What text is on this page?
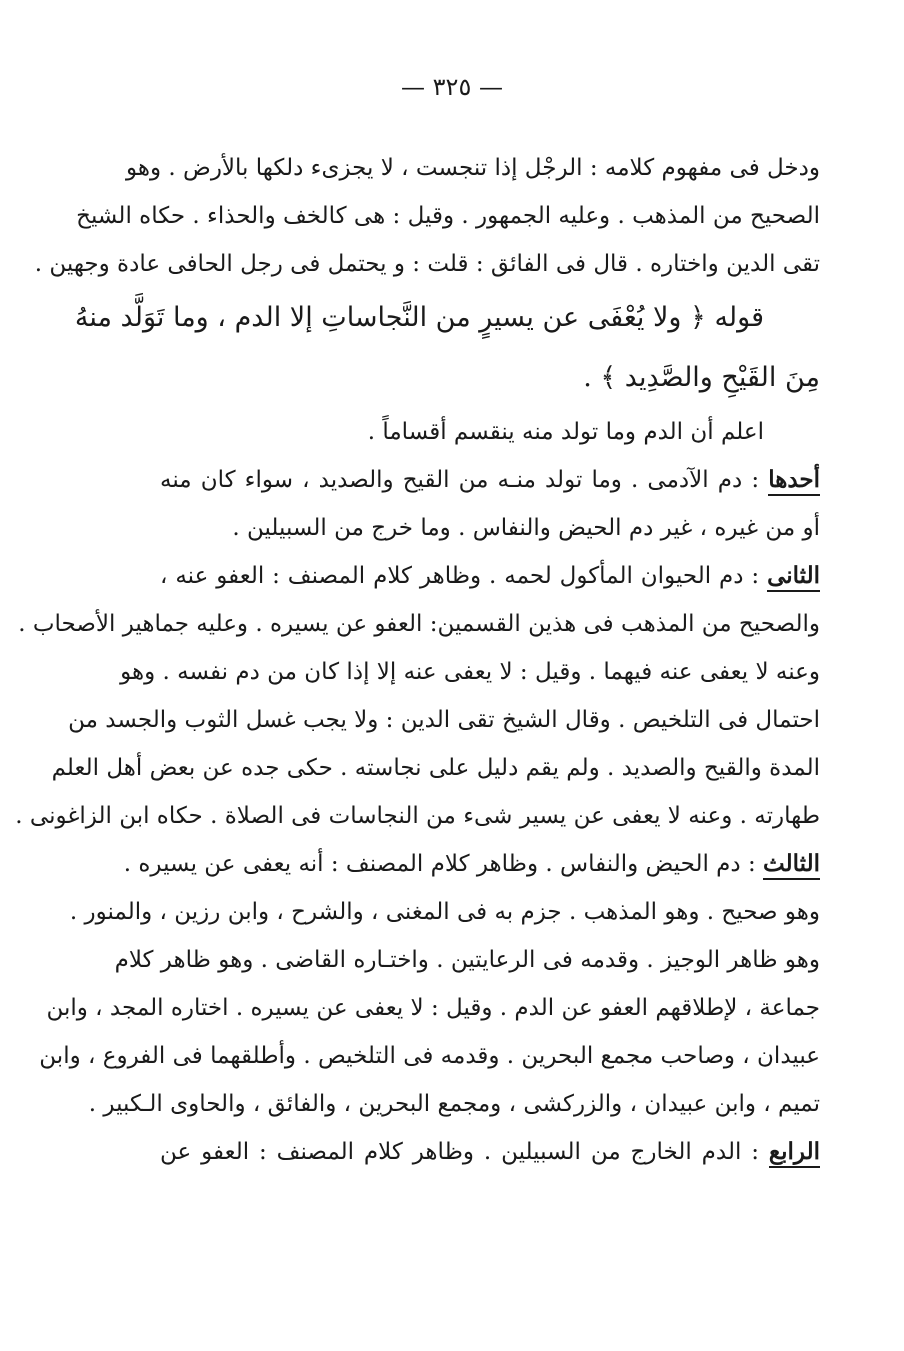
— ٣٢٥ —
ودخل فى مفهوم كلامه : الرجْل إذا تنجست ، لا يجزىء دلكها بالأرض . وهو
الصحيح من المذهب . وعليه الجمهور . وقيل : هى كالخف والحذاء . حكاه الشيخ
تقى الدين واختاره . قال فى الفائق : قلت : و يحتمل فى رجل الحافى عادة وجهين .
قوله ﴿ ولا يُعْفَى عن يسيرٍ من النَّجاساتِ إلا الدم ، وما تَوَلَّد منهُ
مِنَ القَيْحِ والصَّدِيد ﴾ .
اعلم أن الدم وما تولد منه ينقسم أقساماً .
أحدها : دم الآدمى . وما تولد منـه من القيح والصديد ، سواء كان منه
أو من غيره ، غير دم الحيض والنفاس . وما خرج من السبيلين .
الثانى : دم الحيوان المأكول لحمه . وظاهر كلام المصنف : العفو عنه ،
والصحيح من المذهب فى هذين القسمين: العفو عن يسيره . وعليه جماهير الأصحاب .
وعنه لا يعفى عنه فيهما . وقيل : لا يعفى عنه إلا إذا كان من دم نفسه . وهو
احتمال فى التلخيص . وقال الشيخ تقى الدين : ولا يجب غسل الثوب والجسد من
المدة والقيح والصديد . ولم يقم دليل على نجاسته . حكى جده عن بعض أهل العلم
طهارته . وعنه لا يعفى عن يسير شىء من النجاسات فى الصلاة . حكاه ابن الزاغونى .
الثالث : دم الحيض والنفاس . وظاهر كلام المصنف : أنه يعفى عن يسيره .
وهو صحيح . وهو المذهب . جزم به فى المغنى ، والشرح ، وابن رزين ، والمنور .
وهو ظاهر الوجيز . وقدمه فى الرعايتين . واختـاره القاضى . وهو ظاهر كلام
جماعة ، لإطلاقهم العفو عن الدم . وقيل : لا يعفى عن يسيره . اختاره المجد ، وابن
عبيدان ، وصاحب مجمع البحرين . وقدمه فى التلخيص . وأطلقهما فى الفروع ، وابن
تميم ، وابن عبيدان ، والزركشى ، ومجمع البحرين ، والفائق ، والحاوى الـكبير .
الرابع : الدم الخارج من السبيلين . وظاهر كلام المصنف : العفو عن
